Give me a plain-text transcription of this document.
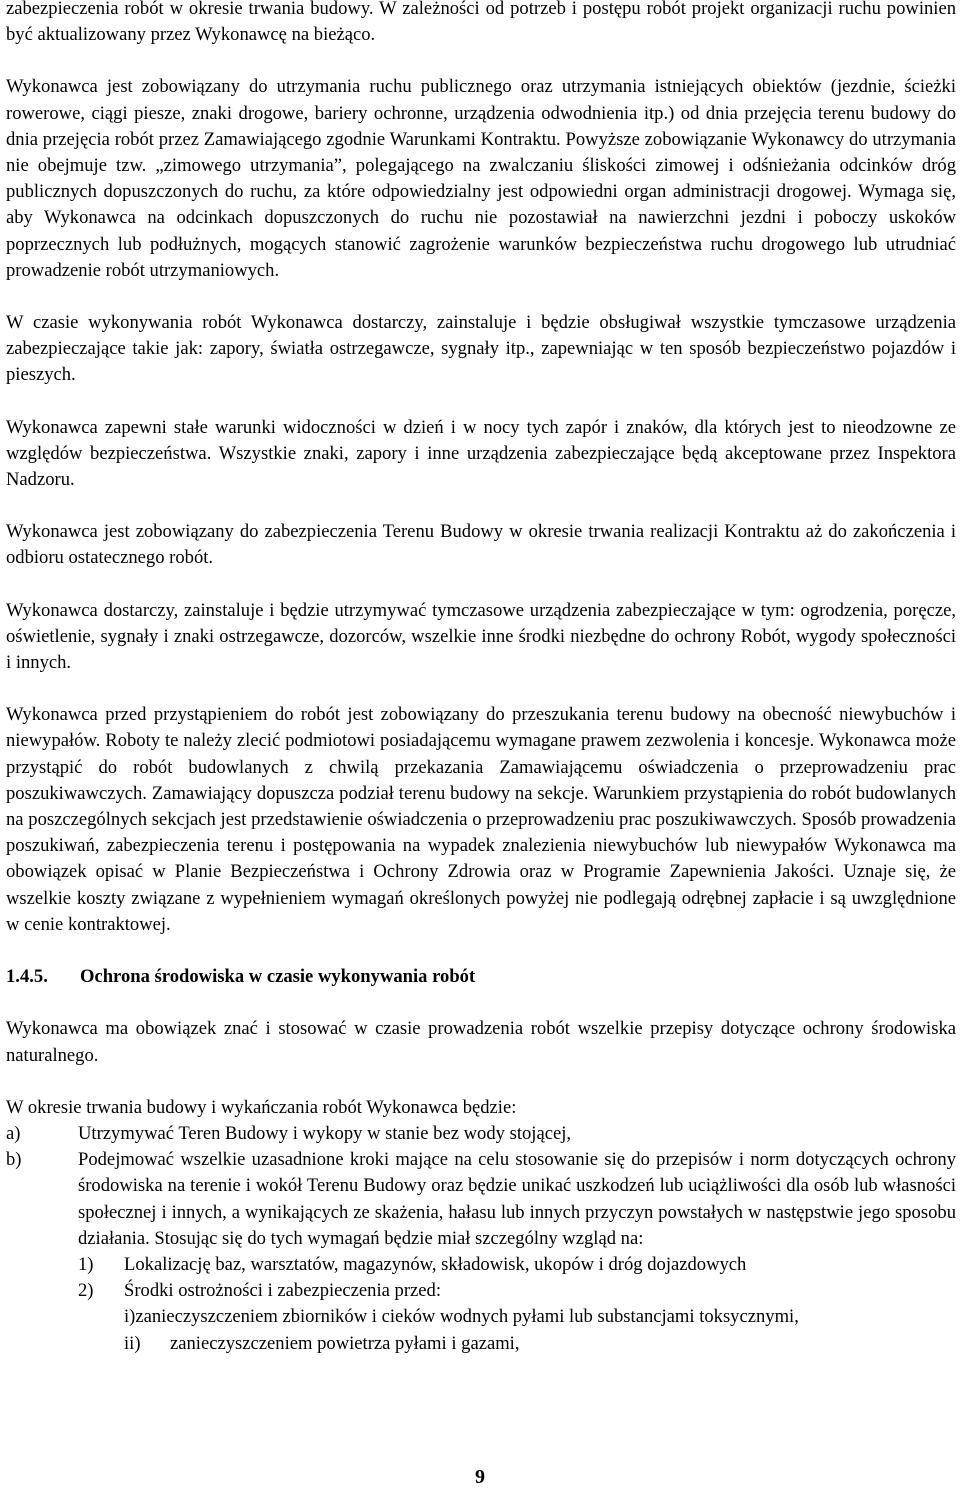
zabezpieczenia robót w okresie trwania budowy. W zależności od potrzeb i postępu robót projekt organizacji ruchu powinien być aktualizowany przez Wykonawcę na bieżąco.

Wykonawca jest zobowiązany do utrzymania ruchu publicznego oraz utrzymania istniejących obiektów (jezdnie, ścieżki rowerowe, ciągi piesze, znaki drogowe, bariery ochronne, urządzenia odwodnienia itp.) od dnia przejęcia terenu budowy do dnia przejęcia robót przez Zamawiającego zgodnie Warunkami Kontraktu. Powyższe zobowiązanie Wykonawcy do utrzymania nie obejmuje tzw. „zimowego utrzymania”, polegającego na zwalczaniu śliskości zimowej i odśnieżania odcinków dróg publicznych dopuszczonych do ruchu, za które odpowiedzialny jest odpowiedni organ administracji drogowej. Wymaga się, aby Wykonawca na odcinkach dopuszczonych do ruchu nie pozostawiał na nawierzchni jezdni i poboczy uskoków poprzecznych lub podłużnych, mogących stanowić zagrożenie warunków bezpieczeństwa ruchu drogowego lub utrudniać prowadzenie robót utrzymaniowych.

W czasie wykonywania robót Wykonawca dostarczy, zainstaluje i będzie obsługiwał wszystkie tymczasowe urządzenia zabezpieczające takie jak: zapory, światła ostrzegawcze, sygnały itp., zapewniając w ten sposób bezpieczeństwo pojazdów i pieszych.

Wykonawca zapewni stałe warunki widoczności w dzień i w nocy tych zapór i znaków, dla których jest to nieodzowne ze względów bezpieczeństwa. Wszystkie znaki, zapory i inne urządzenia zabezpieczające będą akceptowane przez Inspektora Nadzoru.

Wykonawca jest zobowiązany do zabezpieczenia Terenu Budowy w okresie trwania realizacji Kontraktu aż do zakończenia i odbioru ostatecznego robót.

Wykonawca dostarczy, zainstaluje i będzie utrzymywać tymczasowe urządzenia zabezpieczające w tym: ogrodzenia, poręcze, oświetlenie, sygnały i znaki ostrzegawcze, dozorców, wszelkie inne środki niezbędne do ochrony Robót, wygody społeczności i innych.

Wykonawca przed przystąpieniem do robót jest zobowiązany do przeszukania terenu budowy na obecność niewybuchów i niewypałów. Roboty te należy zlecić podmiotowi posiadającemu wymagane prawem zezwolenia i koncesje. Wykonawca może przystąpić do robót budowlanych z chwilą przekazania Zamawiającemu oświadczenia o przeprowadzeniu prac poszukiwawczych. Zamawiający dopuszcza podział terenu budowy na sekcje. Warunkiem przystąpienia do robót budowlanych na poszczególnych sekcjach jest przedstawienie oświadczenia o przeprowadzeniu prac poszukiwawczych. Sposób prowadzenia poszukiwań, zabezpieczenia terenu i postępowania na wypadek znalezienia niewybuchów lub niewypałów Wykonawca ma obowiązek opisać w Planie Bezpieczeństwa i Ochrony Zdrowia oraz w Programie Zapewnienia Jakości. Uznaje się, że wszelkie koszty związane z wypełnieniem wymagań określonych powyżej nie podlegają odrębnej zapłacie i są uwzględnione w cenie kontraktowej.

1.4.5.	Ochrona środowiska w czasie wykonywania robót

Wykonawca ma obowiązek znać i stosować w czasie prowadzenia robót wszelkie przepisy dotyczące ochrony środowiska naturalnego.

W okresie trwania budowy i wykańczania robót Wykonawca będzie:

a)	Utrzymywać Teren Budowy i wykopy w stanie bez wody stojącej,
b)	Podejmować wszelkie uzasadnione kroki mające na celu stosowanie się do przepisów i norm dotyczących ochrony środowiska na terenie i wokół Terenu Budowy oraz będzie unikać uszkodzeń lub uciążliwości dla osób lub własności społecznej i innych, a wynikających ze skażenia, hałasu lub innych przyczyn powstałych w następstwie jego sposobu działania. Stosując się do tych wymagań będzie miał szczególny wzgląd na:
1)	Lokalizację baz, warsztatów, magazynów, składowisk, ukopów i dróg dojazdowych
2)	Środki ostrożności i zabezpieczenia przed:
i) zanieczyszczeniem zbiorników i cieków wodnych pyłami lub substancjami toksycznymi,
ii)	zanieczyszczeniem powietrza pyłami i gazami,
9
